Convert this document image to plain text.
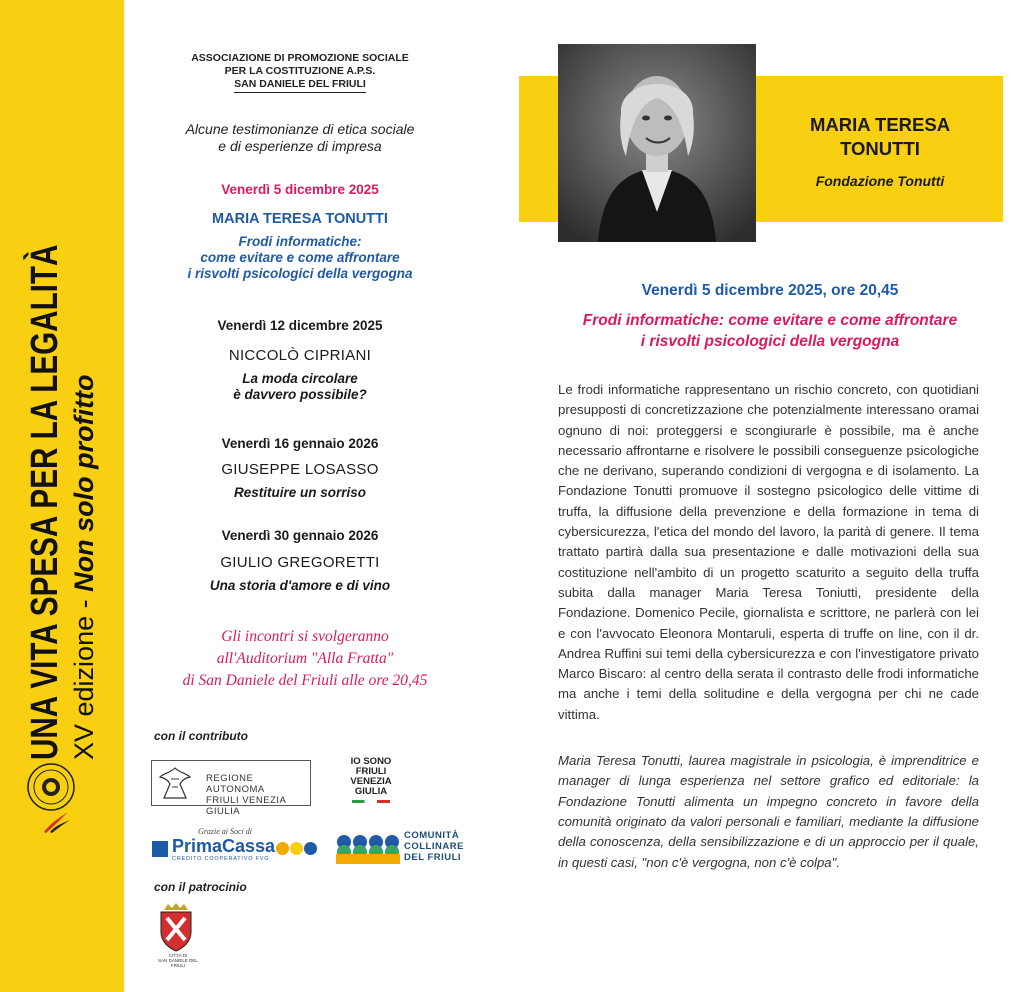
UNA VITA SPESA PER LA LEGALITÀ XV edizione - Non solo profitto
ASSOCIAZIONE DI PROMOZIONE SOCIALE
PER LA COSTITUZIONE A.P.S.
SAN DANIELE DEL FRIULI
Alcune testimonianze di etica sociale
e di esperienze di impresa
Venerdì 5 dicembre 2025
MARIA TERESA TONUTTI
Frodi informatiche:
come evitare e come affrontare
i risvolti psicologici della vergogna
Venerdì 12 dicembre 2025
NICCOLÒ CIPRIANI
La moda circolare
è davvero possibile?
Venerdì 16 gennaio 2026
GIUSEPPE LOSASSO
Restituire un sorriso
Venerdì 30 gennaio 2026
GIULIO GREGORETTI
Una storia d'amore e di vino
Gli incontri si svolgeranno
all'Auditorium "Alla Fratta"
di San Daniele del Friuli alle ore 20,45
con il contributo
REGIONE AUTONOMA
FRIULI VENEZIA GIULIA
IO SONO
FRIULI
VENEZIA
GIULIA
Grazie ai Soci di
PrimaCassa
CREDITO COOPERATIVO FVG
COMUNITÀ
COLLINARE
DEL FRIULI
con il patrocinio
CITTÀ DI
SAN DANIELE DEL FRIULI
MARIA TERESA
TONUTTI
Fondazione Tonutti
Venerdì 5 dicembre 2025, ore 20,45
Frodi informatiche: come evitare e come affrontare
i risvolti psicologici della vergogna

Le frodi informatiche rappresentano un rischio concreto, con quotidiani presupposti di concretizzazione che potenzialmente interessano oramai ognuno di noi: proteggersi e scongiurarle è possibile, ma è anche necessario affrontarne e risolvere le possibili conseguenze psicologiche che ne derivano, superando condizioni di vergogna e di isolamento. La Fondazione Tonutti promuove il sostegno psicologico delle vittime di truffa, la diffusione della prevenzione e della formazione in tema di cybersicurezza, l'etica del mondo del lavoro, la parità di genere. Il tema trattato partirà dalla sua presentazione e dalle motivazioni della sua costituzione nell'ambito di un progetto scaturito a seguito della truffa subita dalla manager Maria Teresa Toniutti, presidente della Fondazione. Domenico Pecile, giornalista e scrittore, ne parlerà con lei e con l'avvocato Eleonora Montaruli, esperta di truffe on line, con il dr. Andrea Ruffini sui temi della cybersicurezza e con l'investigatore privato Marco Biscaro: al centro della serata il contrasto delle frodi informatiche ma anche i temi della solitudine e della vergogna per chi ne cade vittima.

Maria Teresa Tonutti, laurea magistrale in psicologia, è imprenditrice e manager di lunga esperienza nel settore grafico ed editoriale: la Fondazione Tonutti alimenta un impegno concreto in favore della comunità originato da valori personali e familiari, mediante la diffusione della conoscenza, della sensibilizzazione e di un approccio per il quale, in questi casi, "non c'è vergogna, non c'è colpa".
